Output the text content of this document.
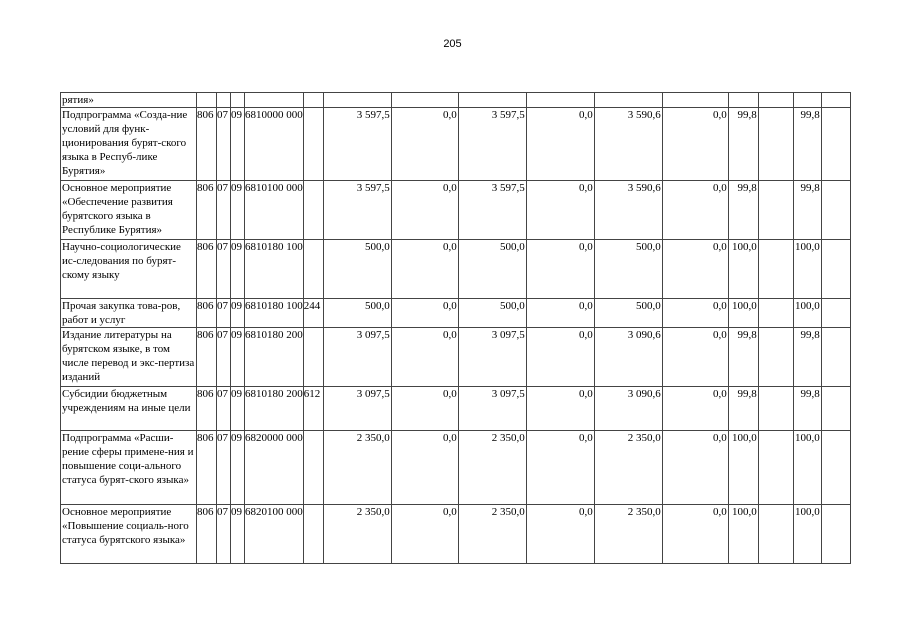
205
рятия»															
Подпрограмма «Созда-ние условий для функ-ционирования бурят-ского языка в Респуб-лике Бурятия»	806	07	09	6810000 000		3 597,5	0,0	3 597,5	0,0	3 590,6	0,0	99,8		99,8	
Основное мероприятие «Обеспечение развития бурятского языка в Республике Бурятия»	806	07	09	6810100 000		3 597,5	0,0	3 597,5	0,0	3 590,6	0,0	99,8		99,8	
Научно-социологические ис-следования по бурят-скому языку	806	07	09	6810180 100		500,0	0,0	500,0	0,0	500,0	0,0	100,0		100,0	
Прочая закупка това-ров, работ и услуг	806	07	09	6810180 100	244	500,0	0,0	500,0	0,0	500,0	0,0	100,0		100,0	
Издание литературы на бурятском языке, в том числе перевод и экс-пертиза изданий	806	07	09	6810180 200		3 097,5	0,0	3 097,5	0,0	3 090,6	0,0	99,8		99,8	
Субсидии бюджетным учреждениям на иные цели	806	07	09	6810180 200	612	3 097,5	0,0	3 097,5	0,0	3 090,6	0,0	99,8		99,8	
Подпрограмма «Расши-рение сферы примене-ния и повышение соци-ального статуса бурят-ского языка»	806	07	09	6820000 000		2 350,0	0,0	2 350,0	0,0	2 350,0	0,0	100,0		100,0	
Основное мероприятие «Повышение социаль-ного статуса бурятского языка»	806	07	09	6820100 000		2 350,0	0,0	2 350,0	0,0	2 350,0	0,0	100,0		100,0	
